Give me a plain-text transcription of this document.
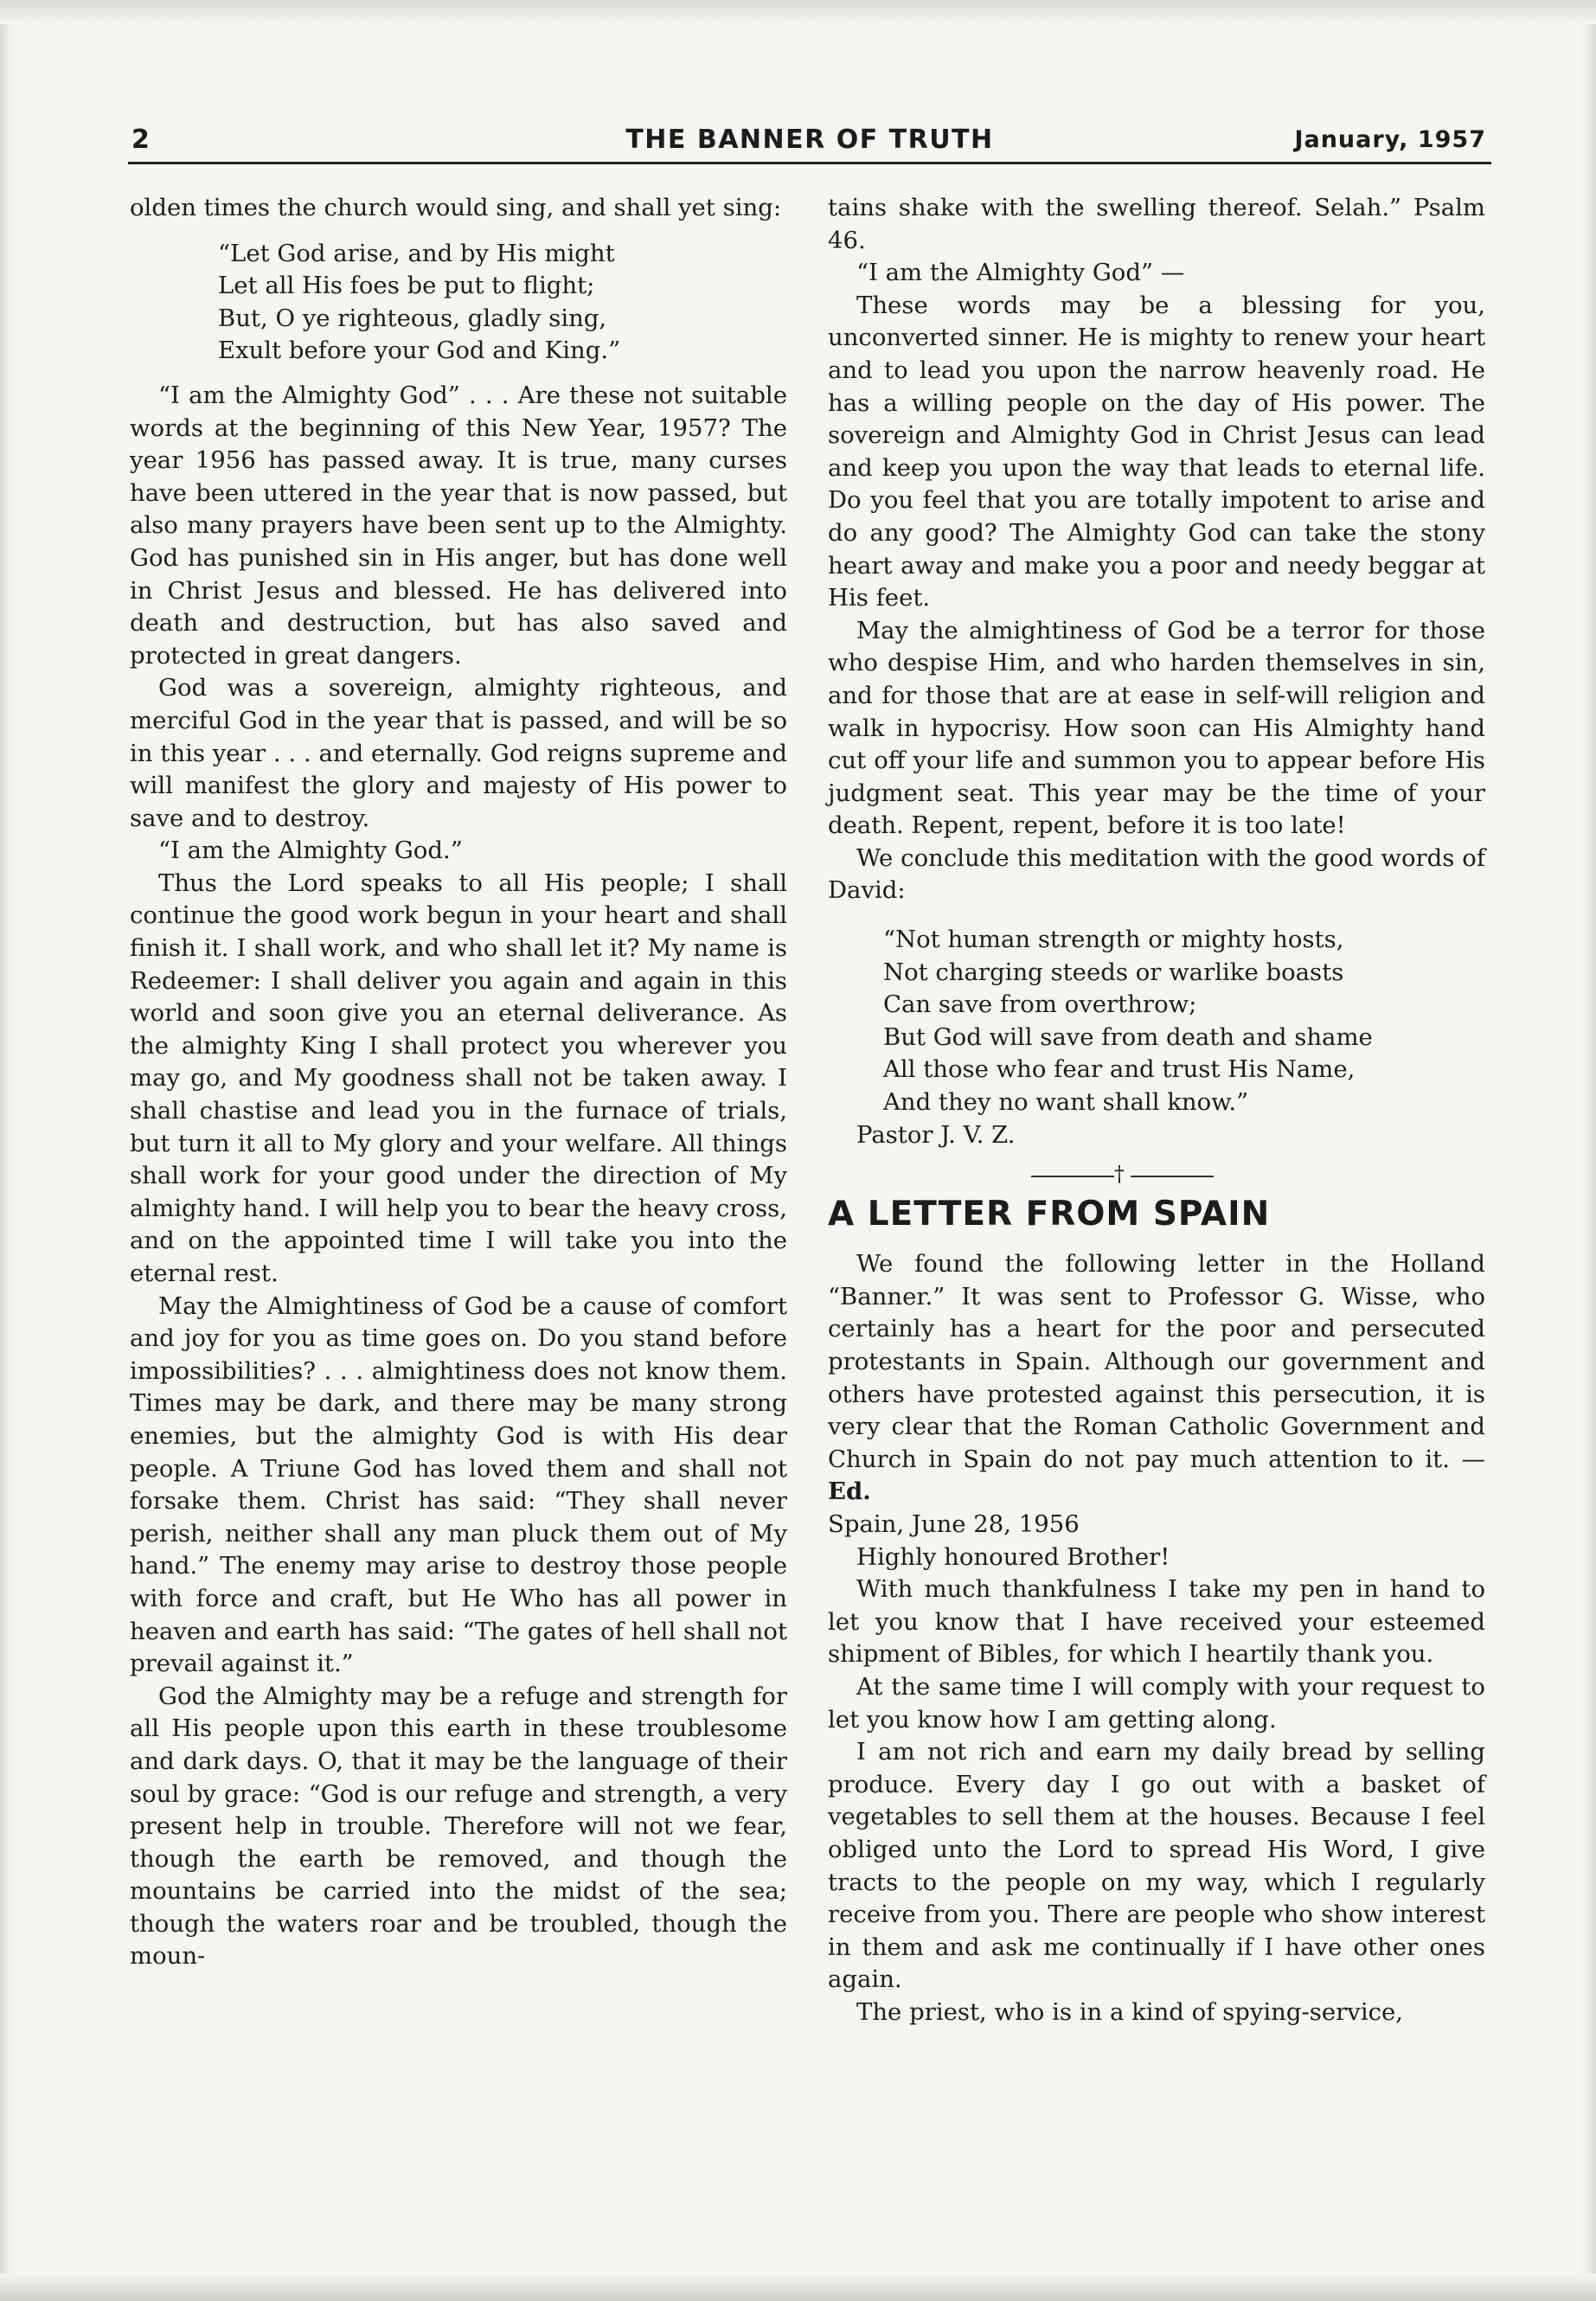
2	THE BANNER OF TRUTH	January, 1957

olden times the church would sing, and shall yet sing:

“Let God arise, and by His might
Let all His foes be put to flight;
But, O ye righteous, gladly sing,
Exult before your God and King.”

“I am the Almighty God” . . . Are these not suitable words at the beginning of this New Year, 1957? The year 1956 has passed away. It is true, many curses have been uttered in the year that is now passed, but also many prayers have been sent up to the Almighty. God has punished sin in His anger, but has done well in Christ Jesus and blessed. He has delivered into death and destruction, but has also saved and protected in great dangers.

God was a sovereign, almighty righteous, and merciful God in the year that is passed, and will be so in this year . . . and eternally. God reigns supreme and will manifest the glory and majesty of His power to save and to destroy.

“I am the Almighty God.”

Thus the Lord speaks to all His people; I shall continue the good work begun in your heart and shall finish it. I shall work, and who shall let it? My name is Redeemer: I shall deliver you again and again in this world and soon give you an eternal deliverance. As the almighty King I shall protect you wherever you may go, and My goodness shall not be taken away. I shall chastise and lead you in the furnace of trials, but turn it all to My glory and your welfare. All things shall work for your good under the direction of My almighty hand. I will help you to bear the heavy cross, and on the appointed time I will take you into the eternal rest.

May the Almightiness of God be a cause of comfort and joy for you as time goes on. Do you stand before impossibilities? . . . almightiness does not know them. Times may be dark, and there may be many strong enemies, but the almighty God is with His dear people. A Triune God has loved them and shall not forsake them. Christ has said: “They shall never perish, neither shall any man pluck them out of My hand.” The enemy may arise to destroy those people with force and craft, but He Who has all power in heaven and earth has said: “The gates of hell shall not prevail against it.”

God the Almighty may be a refuge and strength for all His people upon this earth in these troublesome and dark days. O, that it may be the language of their soul by grace: “God is our refuge and strength, a very present help in trouble. Therefore will not we fear, though the earth be removed, and though the mountains be carried into the midst of the sea; though the waters roar and be troubled, though the moun-

tains shake with the swelling thereof. Selah.” Psalm 46.

“I am the Almighty God” —

These words may be a blessing for you, unconverted sinner. He is mighty to renew your heart and to lead you upon the narrow heavenly road. He has a willing people on the day of His power. The sovereign and Almighty God in Christ Jesus can lead and keep you upon the way that leads to eternal life. Do you feel that you are totally impotent to arise and do any good? The Almighty God can take the stony heart away and make you a poor and needy beggar at His feet.

May the almightiness of God be a terror for those who despise Him, and who harden themselves in sin, and for those that are at ease in self-will religion and walk in hypocrisy. How soon can His Almighty hand cut off your life and summon you to appear before His judgment seat. This year may be the time of your death. Repent, repent, before it is too late!

We conclude this meditation with the good words of David:

“Not human strength or mighty hosts,
Not charging steeds or warlike boasts
Can save from overthrow;
But God will save from death and shame
All those who fear and trust His Name,
And they no want shall know.”

Pastor J. V. Z.

†
A LETTER FROM SPAIN

We found the following letter in the Holland “Banner.” It was sent to Professor G. Wisse, who certainly has a heart for the poor and persecuted protestants in Spain. Although our government and others have protested against this persecution, it is very clear that the Roman Catholic Government and Church in Spain do not pay much attention to it. — Ed.

Spain, June 28, 1956

Highly honoured Brother!

With much thankfulness I take my pen in hand to let you know that I have received your esteemed shipment of Bibles, for which I heartily thank you.

At the same time I will comply with your request to let you know how I am getting along.

I am not rich and earn my daily bread by selling produce. Every day I go out with a basket of vegetables to sell them at the houses. Because I feel obliged unto the Lord to spread His Word, I give tracts to the people on my way, which I regularly receive from you. There are people who show interest in them and ask me continually if I have other ones again.

The priest, who is in a kind of spying-service,
